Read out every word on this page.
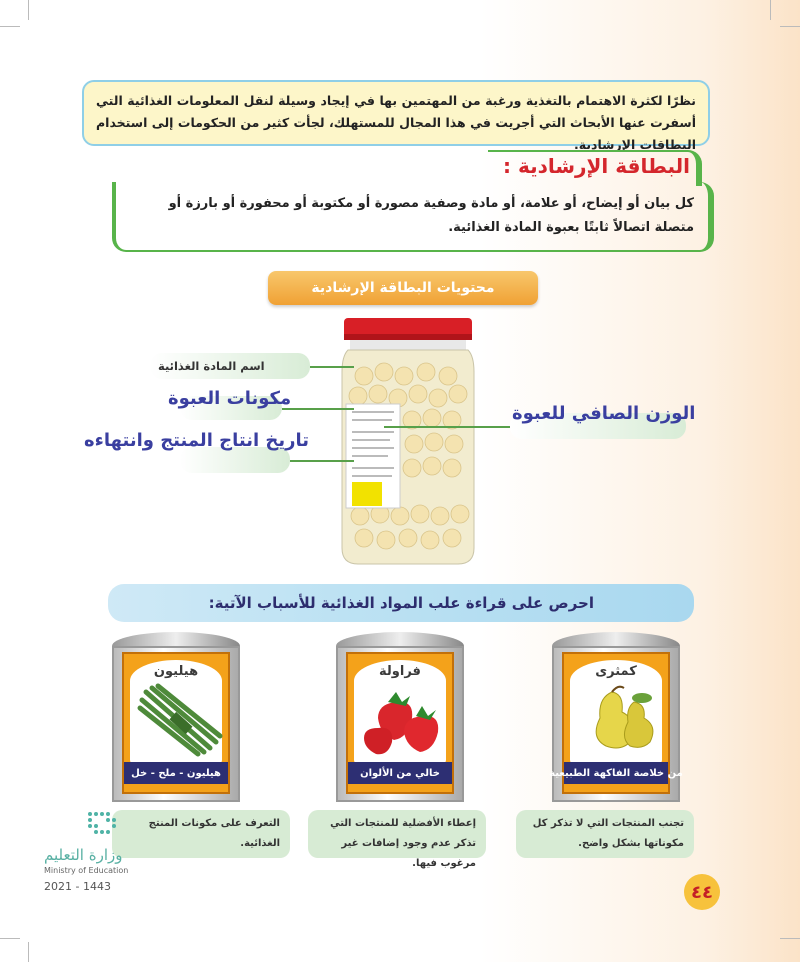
نظرًا لكثرة الاهتمام بالتغذية ورغبة من المهتمين بها في إيجاد وسيلة لنقل المعلومات الغذائية التي أسفرت عنها الأبحاث التي أجريت في هذا المجال للمستهلك، لجأت كثير من الحكومات إلى استخدام البطاقات الإرشادية.
البطاقة الإرشادية :
كل بيان أو إيضاح، أو علامة، أو مادة وصفية مصورة أو مكتوبة أو محفورة أو بارزة أو متصلة اتصالاً ثابتًا بعبوة المادة الغذائية.
محتويات البطاقة الإرشادية
اسم المادة الغذائية
مكونات العبوة
تاريخ انتاج المنتج وانتهاءه
الوزن الصافي للعبوة
احرص على قراءة علب المواد الغذائية للأسباب الآتية:
كمثرى
من خلاصة الفاكهة الطبيعية
فراولة
خالي من الألوان
هيليون
هيليون - ملح - خل
تجنب المنتجات التي لا تذكر كل مكوناتها بشكل واضح.
إعطاء الأفضلية للمنتجات التي تذكر عدم وجود إضافات غير مرغوب فيها.
التعرف على مكونات المنتج الغذائية.
وزارة التعليم
Ministry of Education
2021 - 1443	٤٤
